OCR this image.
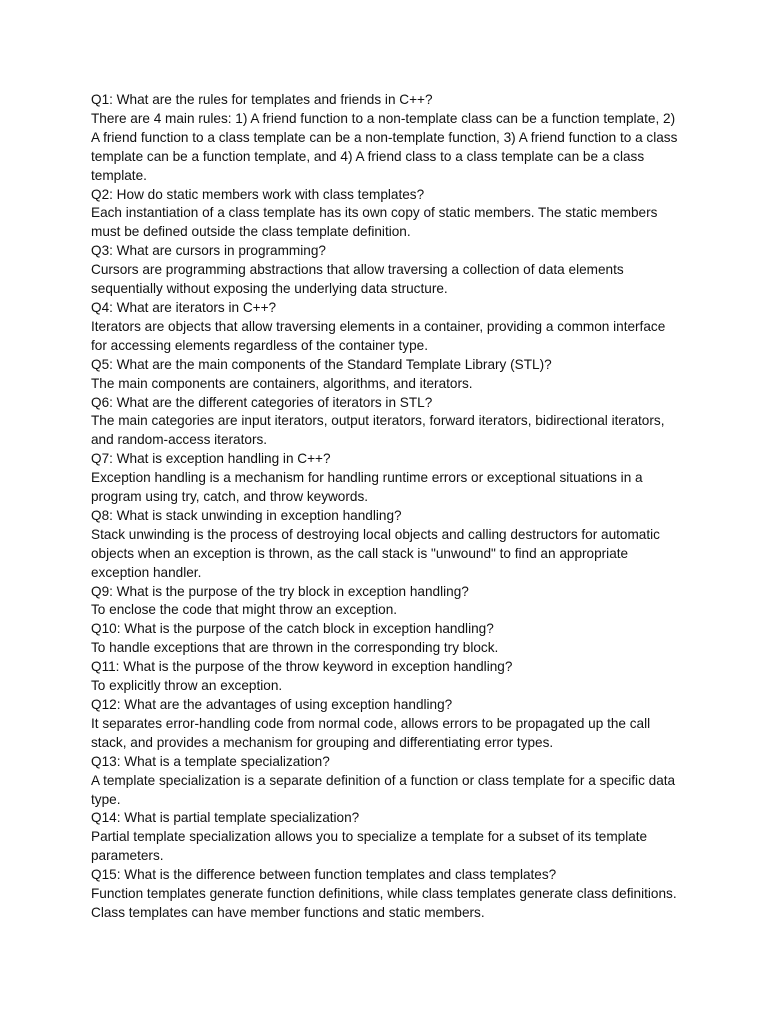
Q1: What are the rules for templates and friends in C++?
There are 4 main rules: 1) A friend function to a non-template class can be a function template, 2) A friend function to a class template can be a non-template function, 3) A friend function to a class template can be a function template, and 4) A friend class to a class template can be a class template.
Q2: How do static members work with class templates?
Each instantiation of a class template has its own copy of static members. The static members must be defined outside the class template definition.
Q3: What are cursors in programming?
Cursors are programming abstractions that allow traversing a collection of data elements sequentially without exposing the underlying data structure.
Q4: What are iterators in C++?
Iterators are objects that allow traversing elements in a container, providing a common interface for accessing elements regardless of the container type.
Q5: What are the main components of the Standard Template Library (STL)?
The main components are containers, algorithms, and iterators.
Q6: What are the different categories of iterators in STL?
The main categories are input iterators, output iterators, forward iterators, bidirectional iterators, and random-access iterators.
Q7: What is exception handling in C++?
Exception handling is a mechanism for handling runtime errors or exceptional situations in a program using try, catch, and throw keywords.
Q8: What is stack unwinding in exception handling?
Stack unwinding is the process of destroying local objects and calling destructors for automatic objects when an exception is thrown, as the call stack is "unwound" to find an appropriate exception handler.
Q9: What is the purpose of the try block in exception handling?
To enclose the code that might throw an exception.
Q10: What is the purpose of the catch block in exception handling?
To handle exceptions that are thrown in the corresponding try block.
Q11: What is the purpose of the throw keyword in exception handling?
To explicitly throw an exception.
Q12: What are the advantages of using exception handling?
It separates error-handling code from normal code, allows errors to be propagated up the call stack, and provides a mechanism for grouping and differentiating error types.
Q13: What is a template specialization?
A template specialization is a separate definition of a function or class template for a specific data type.
Q14: What is partial template specialization?
Partial template specialization allows you to specialize a template for a subset of its template parameters.
Q15: What is the difference between function templates and class templates?
Function templates generate function definitions, while class templates generate class definitions. Class templates can have member functions and static members.
